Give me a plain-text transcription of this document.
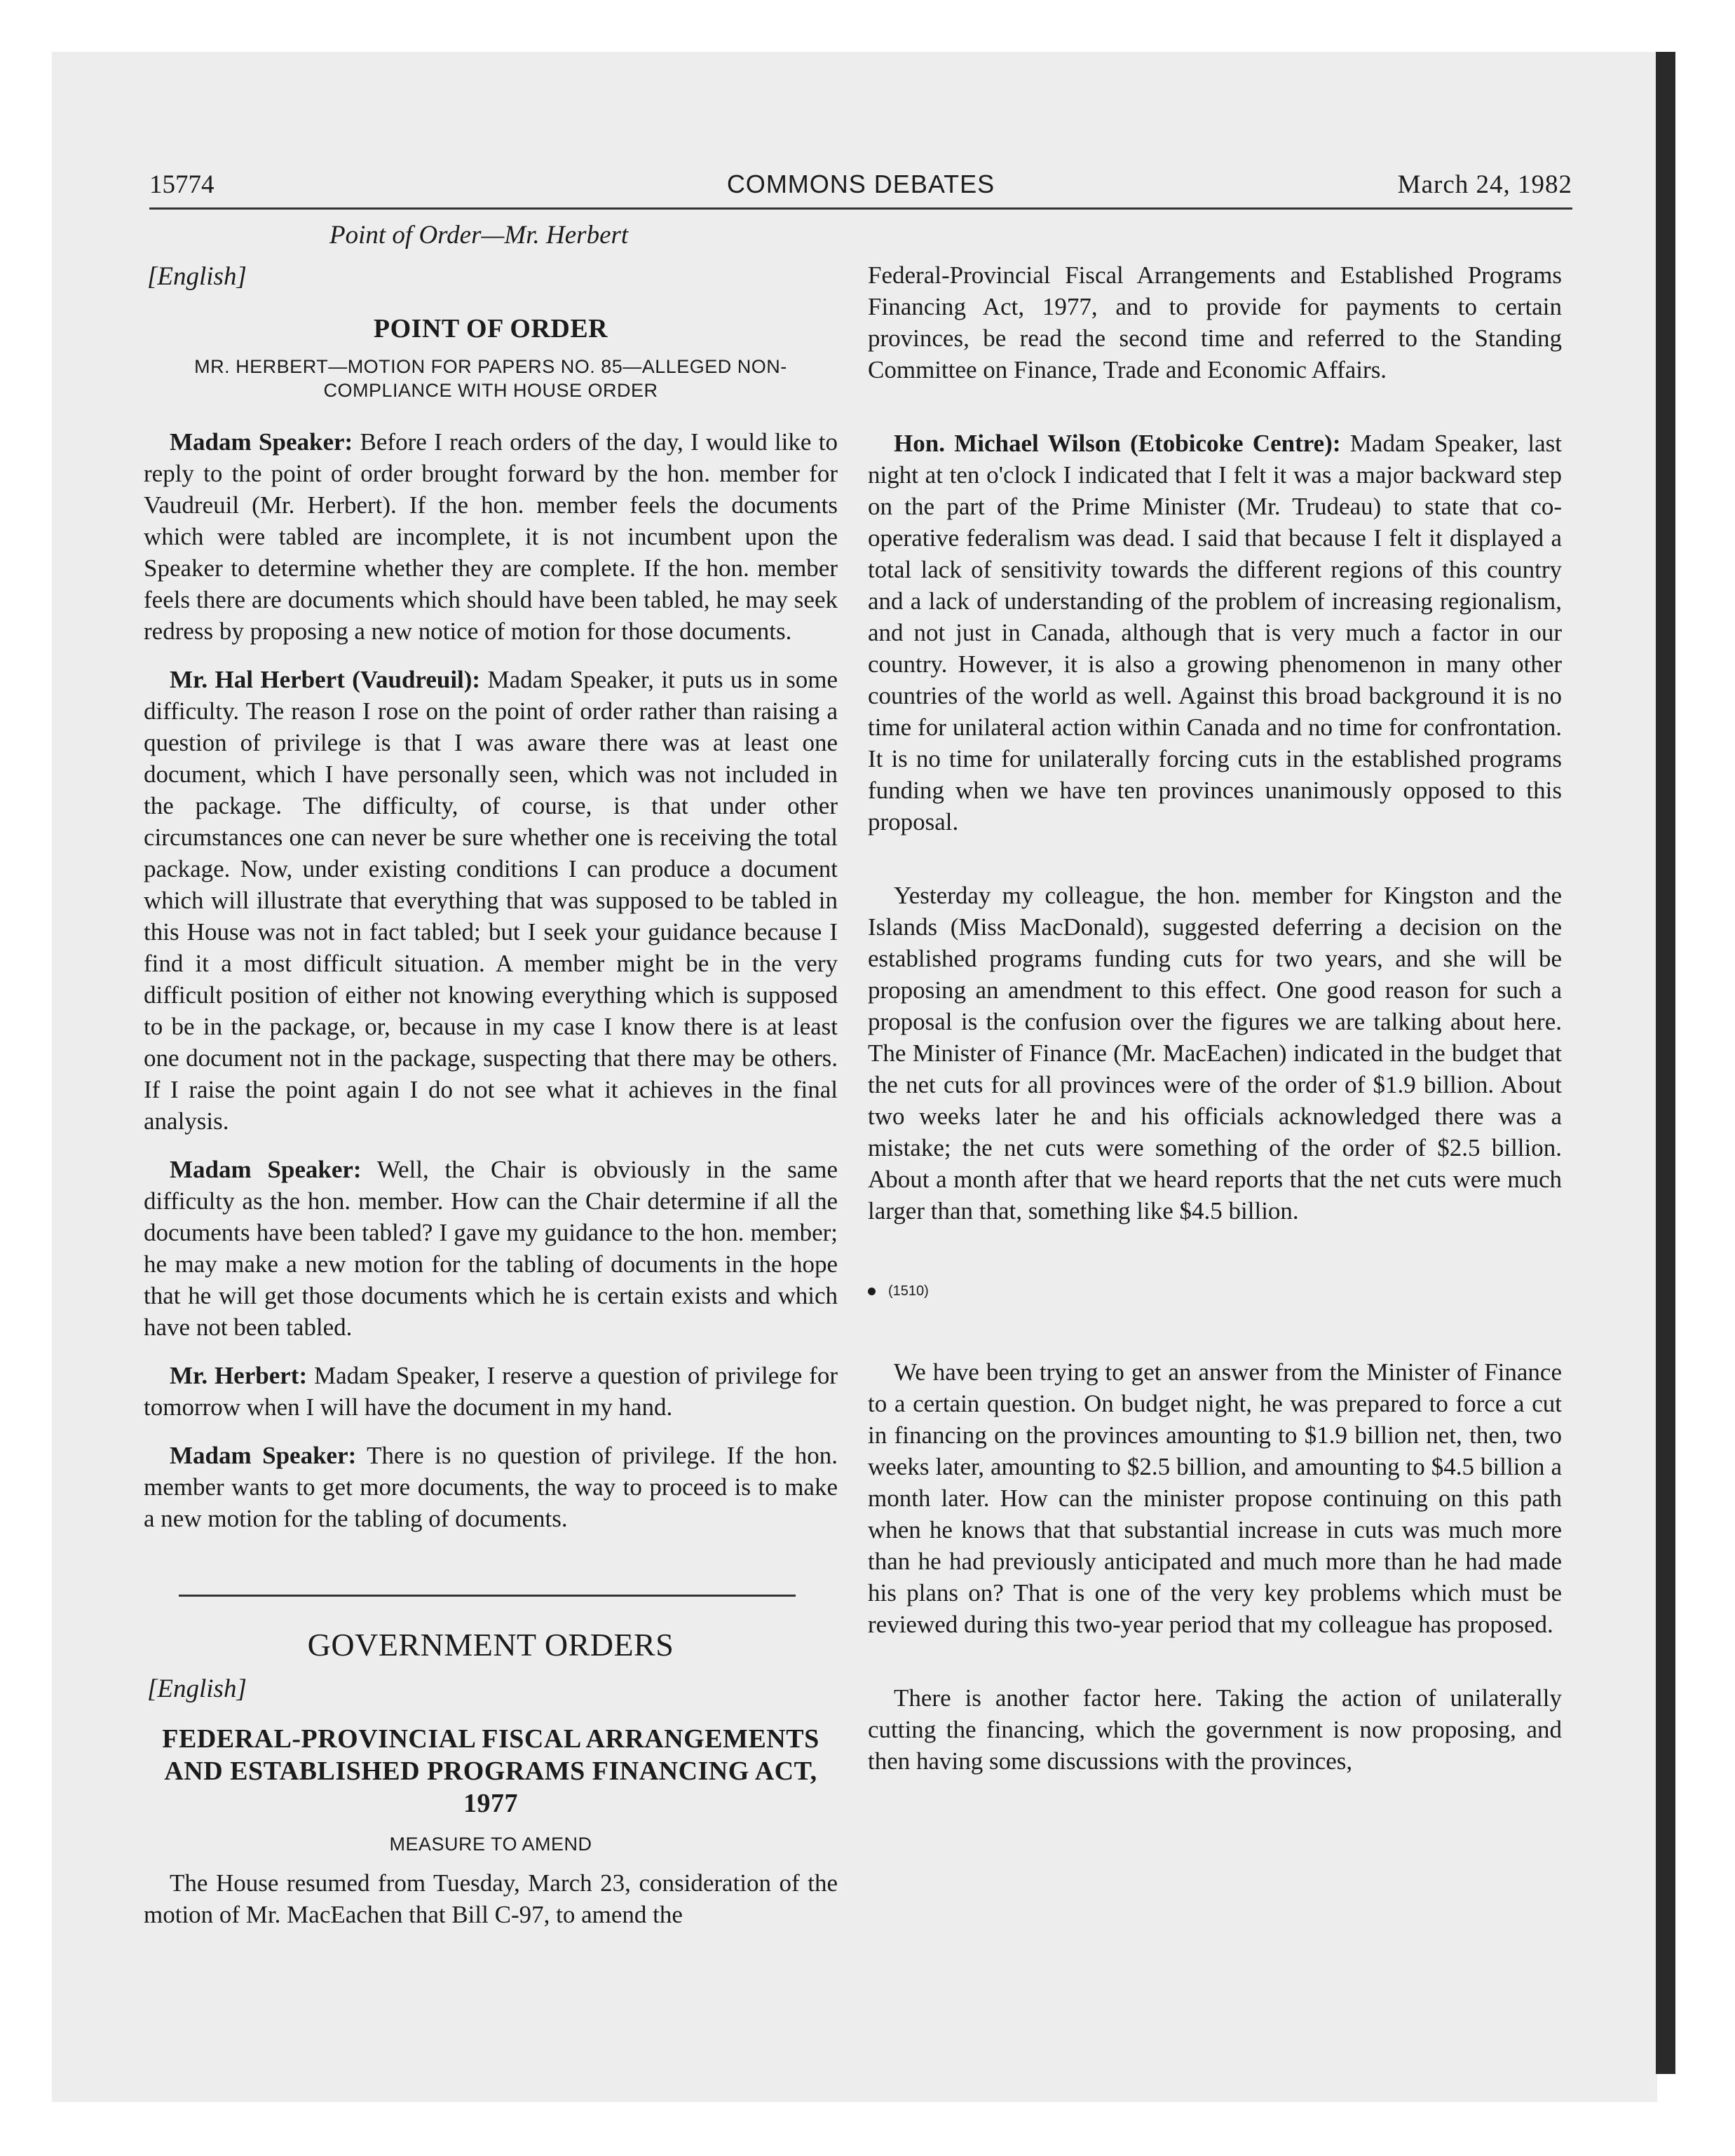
15774	COMMONS DEBATES	March 24, 1982
Point of Order—Mr. Herbert
[English]
POINT OF ORDER
MR. HERBERT—MOTION FOR PAPERS NO. 85—ALLEGED NON-COMPLIANCE WITH HOUSE ORDER

Madam Speaker: Before I reach orders of the day, I would like to reply to the point of order brought forward by the hon. member for Vaudreuil (Mr. Herbert). If the hon. member feels the documents which were tabled are incomplete, it is not incumbent upon the Speaker to determine whether they are complete. If the hon. member feels there are documents which should have been tabled, he may seek redress by proposing a new notice of motion for those documents.

Mr. Hal Herbert (Vaudreuil): Madam Speaker, it puts us in some difficulty. The reason I rose on the point of order rather than raising a question of privilege is that I was aware there was at least one document, which I have personally seen, which was not included in the package. The difficulty, of course, is that under other circumstances one can never be sure whether one is receiving the total package. Now, under existing conditions I can produce a document which will illustrate that everything that was supposed to be tabled in this House was not in fact tabled; but I seek your guidance because I find it a most difficult situation. A member might be in the very difficult position of either not knowing everything which is supposed to be in the package, or, because in my case I know there is at least one document not in the package, suspecting that there may be others. If I raise the point again I do not see what it achieves in the final analysis.

Madam Speaker: Well, the Chair is obviously in the same difficulty as the hon. member. How can the Chair determine if all the documents have been tabled? I gave my guidance to the hon. member; he may make a new motion for the tabling of documents in the hope that he will get those documents which he is certain exists and which have not been tabled.

Mr. Herbert: Madam Speaker, I reserve a question of privilege for tomorrow when I will have the document in my hand.

Madam Speaker: There is no question of privilege. If the hon. member wants to get more documents, the way to proceed is to make a new motion for the tabling of documents.

GOVERNMENT ORDERS
[English]
FEDERAL-PROVINCIAL FISCAL ARRANGEMENTS AND ESTABLISHED PROGRAMS FINANCING ACT, 1977
MEASURE TO AMEND

The House resumed from Tuesday, March 23, consideration of the motion of Mr. MacEachen that Bill C-97, to amend the

Federal-Provincial Fiscal Arrangements and Established Programs Financing Act, 1977, and to provide for payments to certain provinces, be read the second time and referred to the Standing Committee on Finance, Trade and Economic Affairs.

Hon. Michael Wilson (Etobicoke Centre): Madam Speaker, last night at ten o'clock I indicated that I felt it was a major backward step on the part of the Prime Minister (Mr. Trudeau) to state that co-operative federalism was dead. I said that because I felt it displayed a total lack of sensitivity towards the different regions of this country and a lack of understanding of the problem of increasing regionalism, and not just in Canada, although that is very much a factor in our country. However, it is also a growing phenomenon in many other countries of the world as well. Against this broad background it is no time for unilateral action within Canada and no time for confrontation. It is no time for unilaterally forcing cuts in the established programs funding when we have ten provinces unanimously opposed to this proposal.

Yesterday my colleague, the hon. member for Kingston and the Islands (Miss MacDonald), suggested deferring a decision on the established programs funding cuts for two years, and she will be proposing an amendment to this effect. One good reason for such a proposal is the confusion over the figures we are talking about here. The Minister of Finance (Mr. MacEachen) indicated in the budget that the net cuts for all provinces were of the order of $1.9 billion. About two weeks later he and his officials acknowledged there was a mistake; the net cuts were something of the order of $2.5 billion. About a month after that we heard reports that the net cuts were much larger than that, something like $4.5 billion.

(1510)

We have been trying to get an answer from the Minister of Finance to a certain question. On budget night, he was prepared to force a cut in financing on the provinces amounting to $1.9 billion net, then, two weeks later, amounting to $2.5 billion, and amounting to $4.5 billion a month later. How can the minister propose continuing on this path when he knows that that substantial increase in cuts was much more than he had previously anticipated and much more than he had made his plans on? That is one of the very key problems which must be reviewed during this two-year period that my colleague has proposed.

There is another factor here. Taking the action of unilaterally cutting the financing, which the government is now proposing, and then having some discussions with the provinces,
